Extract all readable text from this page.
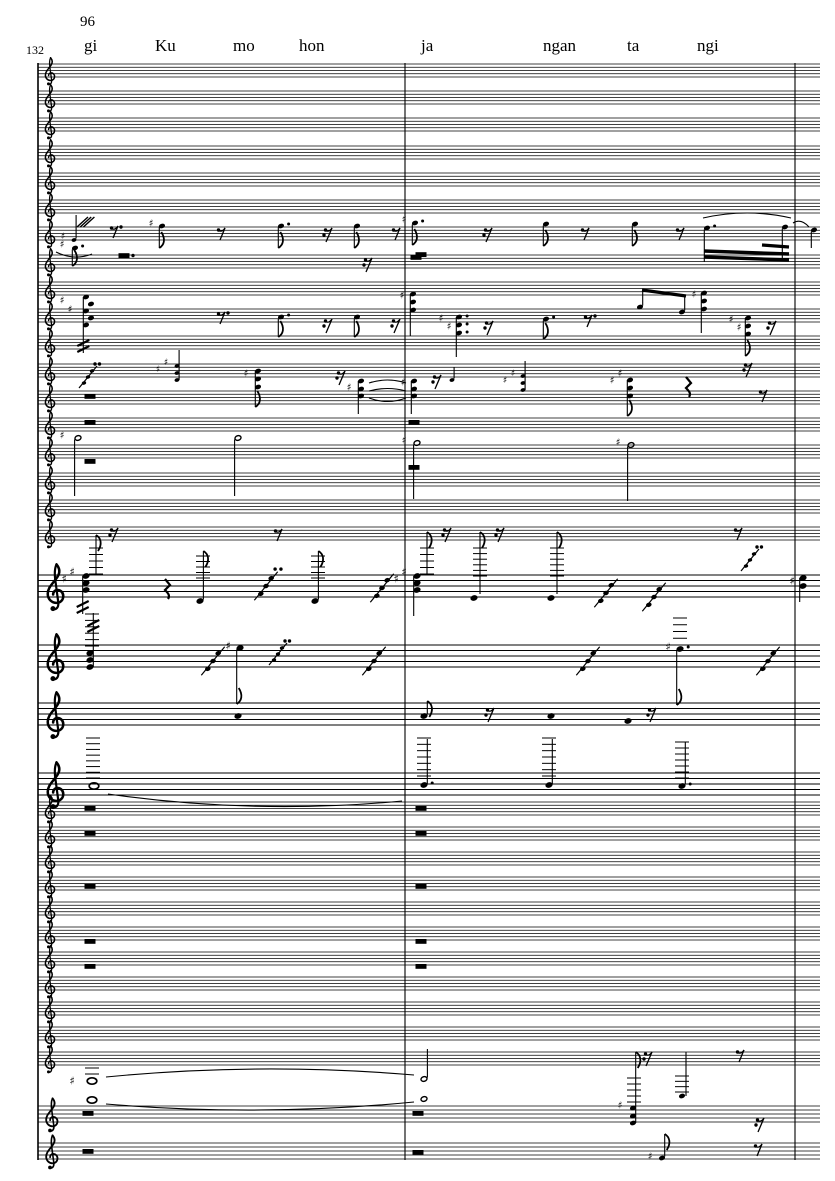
96
132 gi	Ku	mo	hon	ja	ngan	ta	ngi
♯
♯	♯
♯
♯
♯
♯
♯
♯
♯
♯
♯
♯
♯
♯
♯	♯	♯
♯
♯
♯
♯	♯	♯
♯
♯
♯
♯
♯
♯	♯
♯
♯
♯
